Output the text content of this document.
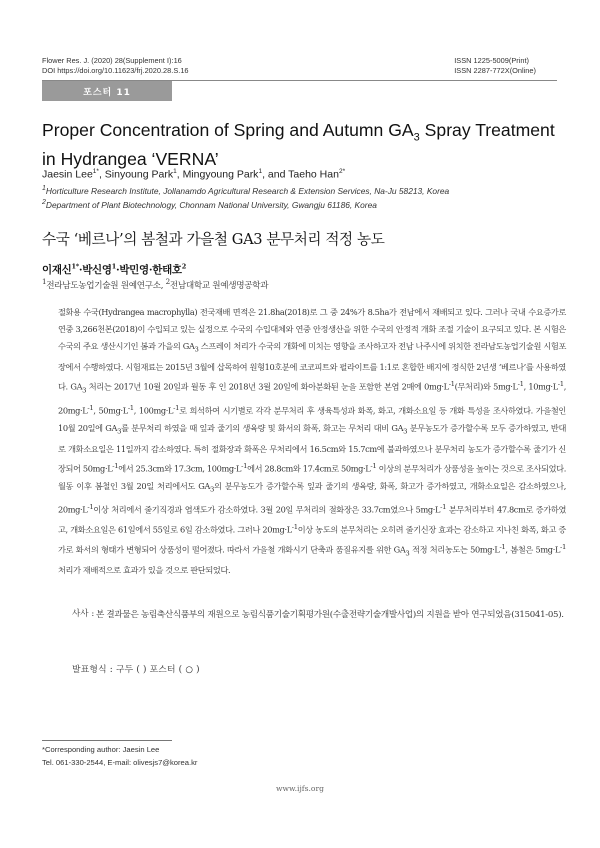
Flower Res. J. (2020) 28(Supplement Ⅰ):16
DOI https://doi.org/10.11623/frj.2020.28.S.16
ISSN 1225-5009(Print)
ISSN 2287-772X(Online)
포스터 11
Proper Concentration of Spring and Autumn $GA_3$ Spray Treatment
in Hydrangea ‘VERNA’
Jaesin Lee$^{1*}$, Sinyoung Park$^1$, Mingyoung Park$^1$, and Taeho Han$^{2*}$
$^1$Horticulture Research Institute, Jollanamdo Agricultural Research & Extension Services, Na-Ju 58213, Korea
$^2$Department of Plant Biotechnology, Chonnam National University, Gwangju 61186, Korea
수국 ‘베르나’의 봄철과 가을철 GA3 분무처리 적정 농도
이재신$^{1*}$·박신영$^1$·박민영·한태호$^2$
$^1$전라남도농업기술원 원예연구소, $^2$전남대학교 원예생명공학과
절화용 수국(Hydrangea macrophylla) 전국재배 면적은 21.8ha(2018)로 그 중 24%가 8.5ha가 전남에서 재배되고 있다. 그러나 국내 수요증가로 연중 3,266천본(2018)이 수입되고 있는 실정으로 수국의 수입대체와 연중 안정생산을 위한 수국의 안정적 개화 조절 기술이 요구되고 있다. 본 시험은 수국의 주요 생산시기인 봄과 가을의 $GA_3$ 스프레이 처리가 수국의 개화에 미치는 영향을 조사하고자 전남 나주시에 위치한 전라남도농업기술원 시험포장에서 수행하였다. 시험재료는 2015년 3월에 삽목하여 원형10호분에 코코피트와 펄라이트를 1:1로 혼합한 배지에 정식한 2년생 ‘베르나’를 사용하였다. $GA_3$ 처리는 2017년 10월 20일과 월동 후 인 2018년 3월 20일에 화아분화된 눈을 포함한 본엽 2매에 $0mg\cdot L^{-1}$(무처리)와 $5mg\cdot L^{-1}$, $10mg\cdot L^{-1}$, $20mg\cdot L^{-1}$, $50mg\cdot L^{-1}$, $100mg\cdot L^{-1}$로 희석하여 시기별로 각각 분무처리 후 생육특성과 화폭, 화고, 개화소요일 등 개화 특성을 조사하였다. 가을철인 10월 20일에 $GA_3$를 분무처리 하였을 때 잎과 줄기의 생육량 및 화서의 화폭, 화고는 무처리 대비 $GA_3$ 분무농도가 증가할수록 모두 증가하였고, 반대로 개화소요일은 11일까지 감소하였다. 특히 절화장과 화폭은 무처리에서 16.5cm와 15.7cm에 불과하였으나 분무처리 농도가 증가할수록 줄기가 신장되어 $50mg\cdot L^{-1}$에서 25.3cm와 17.3cm, $100mg\cdot L^{-1}$에서 28.8cm와 17.4cm로 $50mg\cdot L^{-1}$ 이상의 분무처리가 상품성을 높이는 것으로 조사되었다. 월동 이후 봄철인 3월 20일 처리에서도 $GA_3$의 분무농도가 증가할수록 잎과 줄기의 생육량, 화폭, 화고가 증가하였고, 개화소요일은 감소하였으나, $20mg\cdot L^{-1}$이상 처리에서 줄기직경과 엽색도가 감소하였다. 3월 20일 무처리의 절화장은 33.7cm였으나 $5mg\cdot L^{-1}$ 분무처리부터 47.8cm로 증가하였고, 개화소요일은 61일에서 55일로 6일 감소하였다. 그러나 $20mg\cdot L^{-1}$이상 농도의 분무처리는 오히려 줄기신장 효과는 감소하고 지나친 화폭, 화고 증가로 화서의 형태가 변형되어 상품성이 떨어졌다. 따라서 가을철 개화시기 단축과 품질유지를 위한 $GA_3$ 적정 처리농도는 $50mg\cdot L^{-1}$, 봄철은 $5mg\cdot L^{-1}$처리가 재배적으로 효과가 있을 것으로 판단되었다.
사사 : 본 결과물은 농림축산식품부의 재원으로 농림식품기술기획평가원(수출전략기술개발사업)의 지원을 받아 연구되었음(315041-05).
발표형식 : 구두 ( ) 포스터 ( ○ )
*Corresponding author: Jaesin Lee
Tel. 061-330-2544, E-mail: olivesjs7@korea.kr
www.ijfs.org
